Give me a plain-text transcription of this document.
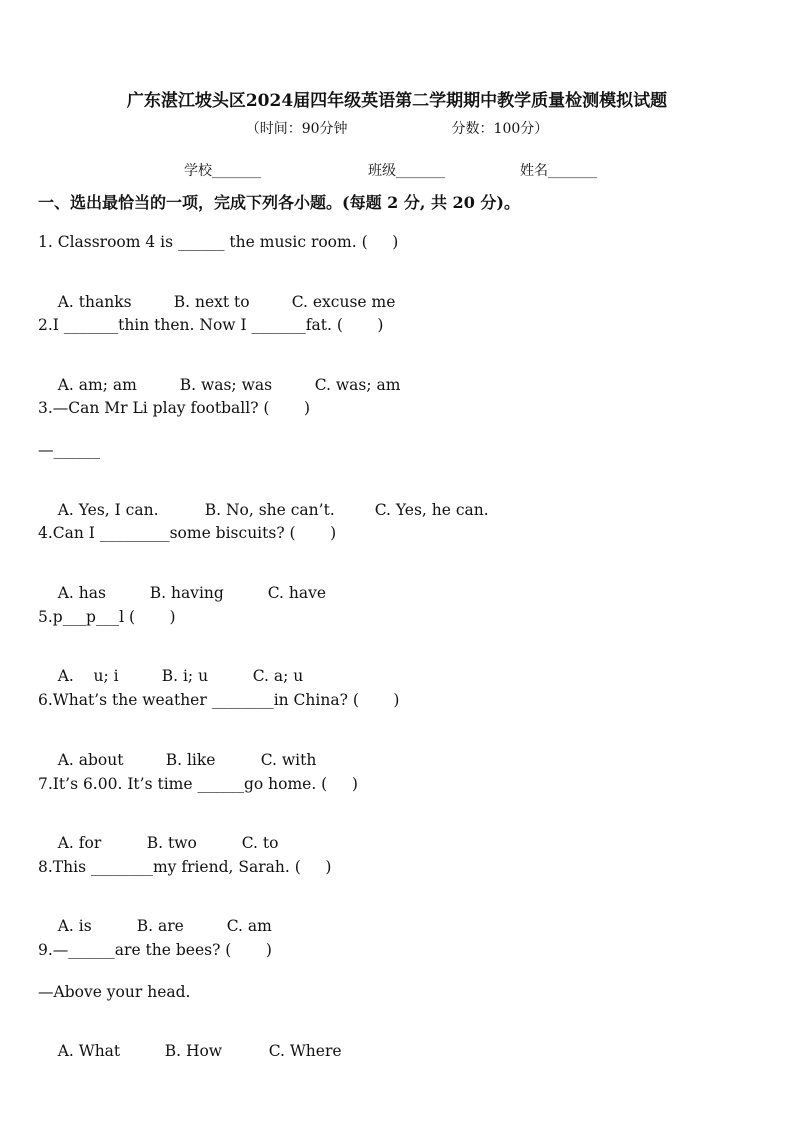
广东湛江坡头区2024届四年级英语第二学期期中教学质量检测模拟试题
（时间：90分钟	分数：100分）
学校_______	班级_______	姓名_______
一、选出最恰当的一项，完成下列各小题。(每题 2 分, 共 20 分)。
1. Classroom 4 is ______ the music room. (     )

A. thanks	B. next to	C. excuse me

2.I _______thin then. Now I _______fat. (       )

A. am; am	B. was; was	C. was; am

3.—Can Mr Li play football? (       )
—______

A. Yes, I can.	B. No, she can’t.	C. Yes, he can.

4.Can I _________some biscuits? (       )

A. has	B. having	C. have

5.p___p___l (       )

A.    u; i	B. i; u	C. a; u

6.What’s the weather ________in China? (       )

A. about	B. like	C. with

7.It’s 6.00. It’s time ______go home. (     )

A. for	B. two	C. to

8.This ________my friend, Sarah. (     )

A. is	B. are	C. am

9.—______are the bees? (       )
—Above your head.

A. What	B. How	C. Where
